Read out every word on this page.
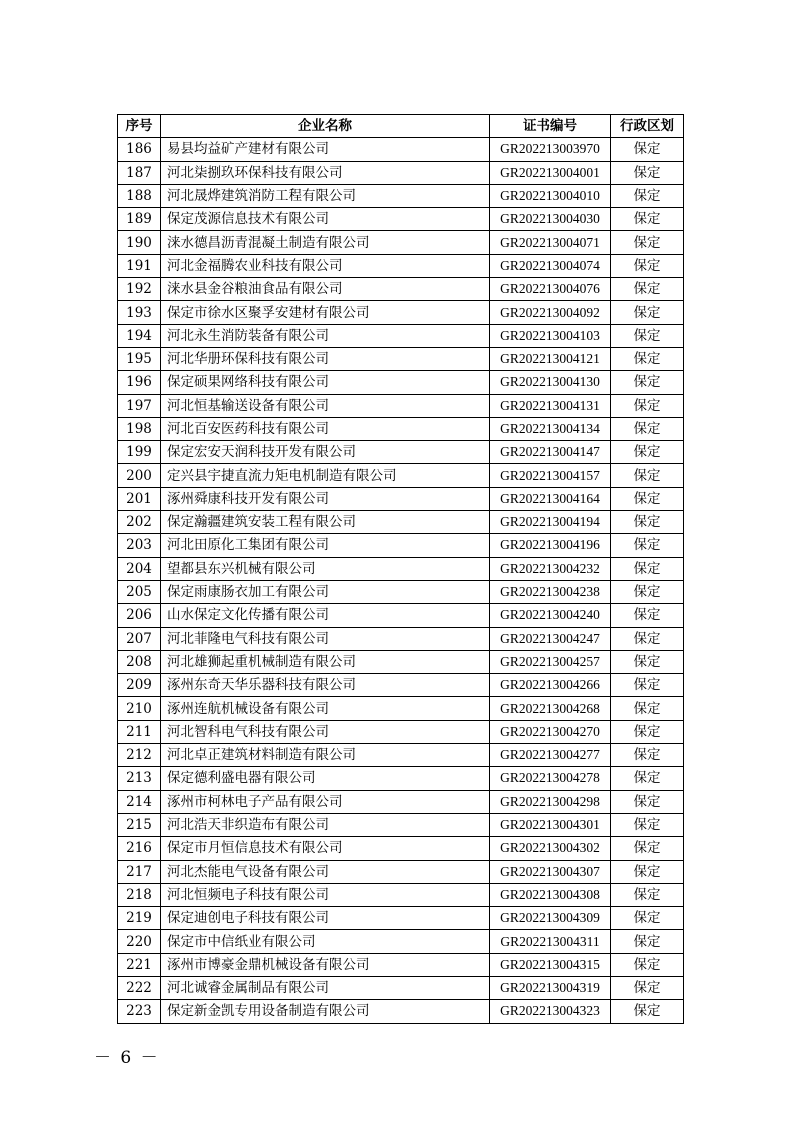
序号	企业名称	证书编号	行政区划
186	易县均益矿产建材有限公司	GR202213003970	保定
187	河北柒捌玖环保科技有限公司	GR202213004001	保定
188	河北晟烨建筑消防工程有限公司	GR202213004010	保定
189	保定茂源信息技术有限公司	GR202213004030	保定
190	涞水德昌沥青混凝土制造有限公司	GR202213004071	保定
191	河北金福腾农业科技有限公司	GR202213004074	保定
192	涞水县金谷粮油食品有限公司	GR202213004076	保定
193	保定市徐水区聚孚安建材有限公司	GR202213004092	保定
194	河北永生消防装备有限公司	GR202213004103	保定
195	河北华册环保科技有限公司	GR202213004121	保定
196	保定硕果网络科技有限公司	GR202213004130	保定
197	河北恒基输送设备有限公司	GR202213004131	保定
198	河北百安医药科技有限公司	GR202213004134	保定
199	保定宏安天润科技开发有限公司	GR202213004147	保定
200	定兴县宇捷直流力矩电机制造有限公司	GR202213004157	保定
201	涿州舜康科技开发有限公司	GR202213004164	保定
202	保定瀚疆建筑安装工程有限公司	GR202213004194	保定
203	河北田原化工集团有限公司	GR202213004196	保定
204	望都县东兴机械有限公司	GR202213004232	保定
205	保定雨康肠衣加工有限公司	GR202213004238	保定
206	山水保定文化传播有限公司	GR202213004240	保定
207	河北菲隆电气科技有限公司	GR202213004247	保定
208	河北雄狮起重机械制造有限公司	GR202213004257	保定
209	涿州东奇天华乐器科技有限公司	GR202213004266	保定
210	涿州连航机械设备有限公司	GR202213004268	保定
211	河北智科电气科技有限公司	GR202213004270	保定
212	河北卓正建筑材料制造有限公司	GR202213004277	保定
213	保定德利盛电器有限公司	GR202213004278	保定
214	涿州市柯林电子产品有限公司	GR202213004298	保定
215	河北浩天非织造布有限公司	GR202213004301	保定
216	保定市月恒信息技术有限公司	GR202213004302	保定
217	河北杰能电气设备有限公司	GR202213004307	保定
218	河北恒频电子科技有限公司	GR202213004308	保定
219	保定迪创电子科技有限公司	GR202213004309	保定
220	保定市中信纸业有限公司	GR202213004311	保定
221	涿州市博豪金鼎机械设备有限公司	GR202213004315	保定
222	河北诚睿金属制品有限公司	GR202213004319	保定
223	保定新金凯专用设备制造有限公司	GR202213004323	保定
－ 6 －
